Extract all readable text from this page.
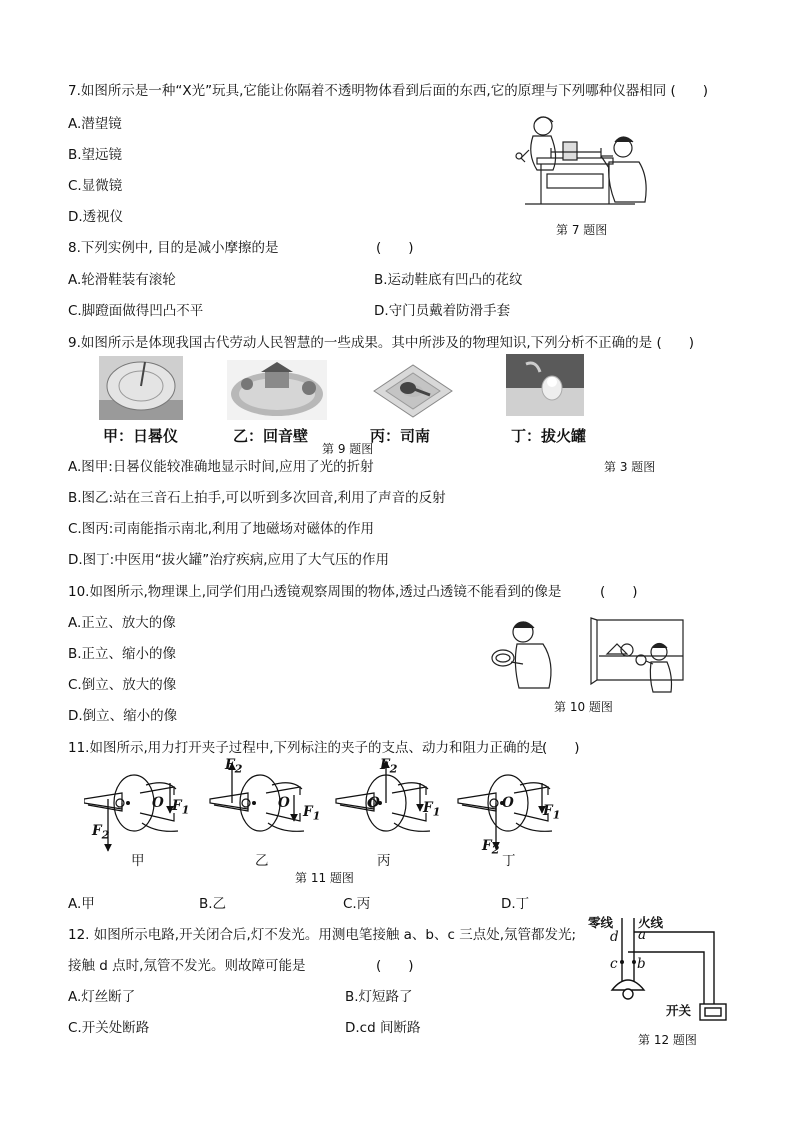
7.如图所示是一种“X光”玩具,它能让你隔着不透明物体看到后面的东西,它的原理与下列哪种仪器相同 (　　)
A.潜望镜
B.望远镜
C.显微镜
D.透视仪
第 7 题图
8.下列实例中, 目的是减小摩擦的是	(　　)
A.轮滑鞋装有滚轮	B.运动鞋底有凹凸的花纹
C.脚蹬面做得凹凸不平	D.守门员戴着防滑手套
9.如图所示是体现我国古代劳动人民智慧的一些成果。其中所涉及的物理知识,下列分析不正确的是 (　　)
甲：日晷仪	乙：回音壁	丙：司南	丁：拔火罐
第 9 题图
第 3 题图
A.图甲:日晷仪能较准确地显示时间,应用了光的折射
B.图乙:站在三音石上拍手,可以听到多次回音,利用了声音的反射
C.图丙:司南能指示南北,利用了地磁场对磁体的作用
D.图丁:中医用“拔火罐”治疗疾病,应用了大气压的作用
10.如图所示,物理课上,同学们用凸透镜观察周围的物体,透过凸透镜不能看到的像是	(　　)
A.正立、放大的像
B.正立、缩小的像
C.倒立、放大的像
D.倒立、缩小的像
第 10 题图
11.如图所示,用力打开夹子过程中,下列标注的夹子的支点、动力和阻力正确的是
(　　)
$F_1$
$F_2$
O
$F_1$
$F_2$
O	$F_1$
$F_2$
O	$F_1$
$F_2$
O
甲	乙	丙	丁
第 11 题图
A.甲	B.乙	C.丙	D.丁
12. 如图所示电路,开关闭合后,灯不发光。用测电笔接触 a、b、c 三点处,氖管都发光;
接触 d 点时,氖管不发光。则故障可能是	(　　)
A.灯丝断了	B.灯短路了
C.开关处断路	D.cd 间断路
零线 火线
d a
c b
开关
第 12 题图
